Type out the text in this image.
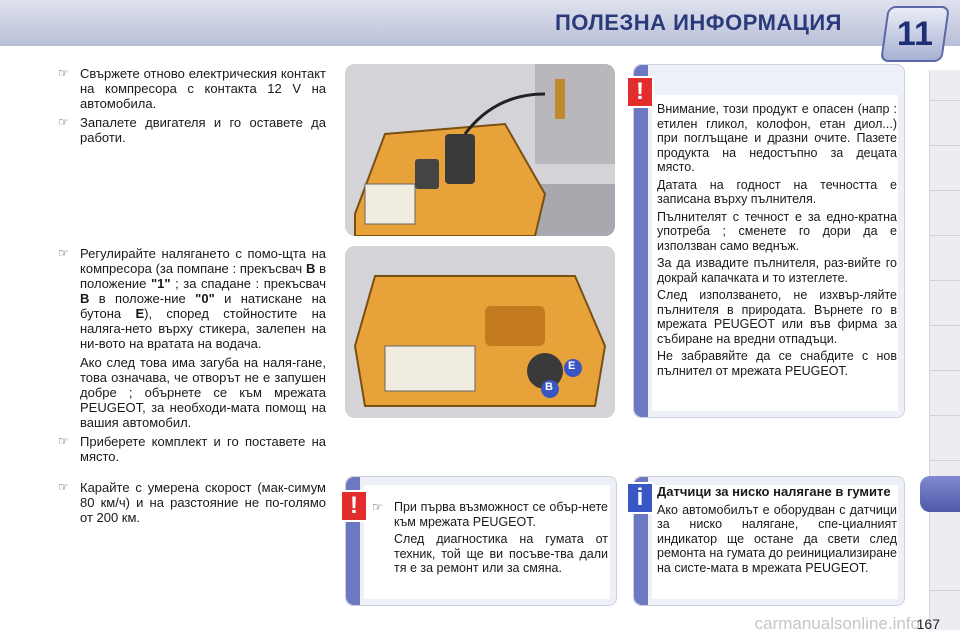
ПОЛЕЗНА ИНФОРМАЦИЯ 11

☞ Свържете отново електрическия контакт на компресора с контакта 12 V на автомобила.

☞ Запалете двигателя и го оставете да работи.

☞ Регулирайте наляганeто с помо-щта на компресора (за помпане : прекъсвач B в положение "1" ; за спадане : прекъсвач B в положе-ние "0" и натискане на бутона E), според стойностите на наляга-нето върху стикера, залепен на ни-вото на вратата на водача.

Ако след това има загуба на наля-гане, това означава, че отворът не е запушен добре ; обърнете се към мрежата PEUGEOT, за необходи-мата помощ на вашия автомобил.

☞ Приберете комплект и го поставете на място.

☞ Карайте с умерена скорост (мак-симум 80 км/ч) и на разстояние не по-голямо от 200 км.

E
B
!

Внимание, този продукт е опасен (напр : етилен гликол, колофон, етан диол...) при поглъщане и дразни очите. Пазете продукта на недостъпно за децата място.

Датата на годност на течността е записана върху пълнителя.

Пълнителят с течност е за едно-кратна употреба ; сменете го дори да е използван само веднъж.

За да извадите пълнителя, раз-вийте го докрай капачката и то изтеглете.

След използването, не изхвър-ляйте пълнителя в природата. Върнете го в мрежата PEUGEOT или във фирма за събиране на вредни отпадъци.

Не забравяйте да се снабдите с нов пълнител от мрежата PEUGEOT.

!

☞	При първа възможност се обър-нете към мрежата PEUGEOT.

След диагностика на гумата от техник, той ще ви посъве-тва дали тя е за ремонт или за смяна.

i	Датчици за ниско налягане в гумите

Ако автомобилът е оборудван с датчици за ниско налягане, спе-циалният индикатор ще остане да свети след ремонта на гумата до реинициализиране на систе-мата в мрежата PEUGEOT.

carmanualsonline.info
167
